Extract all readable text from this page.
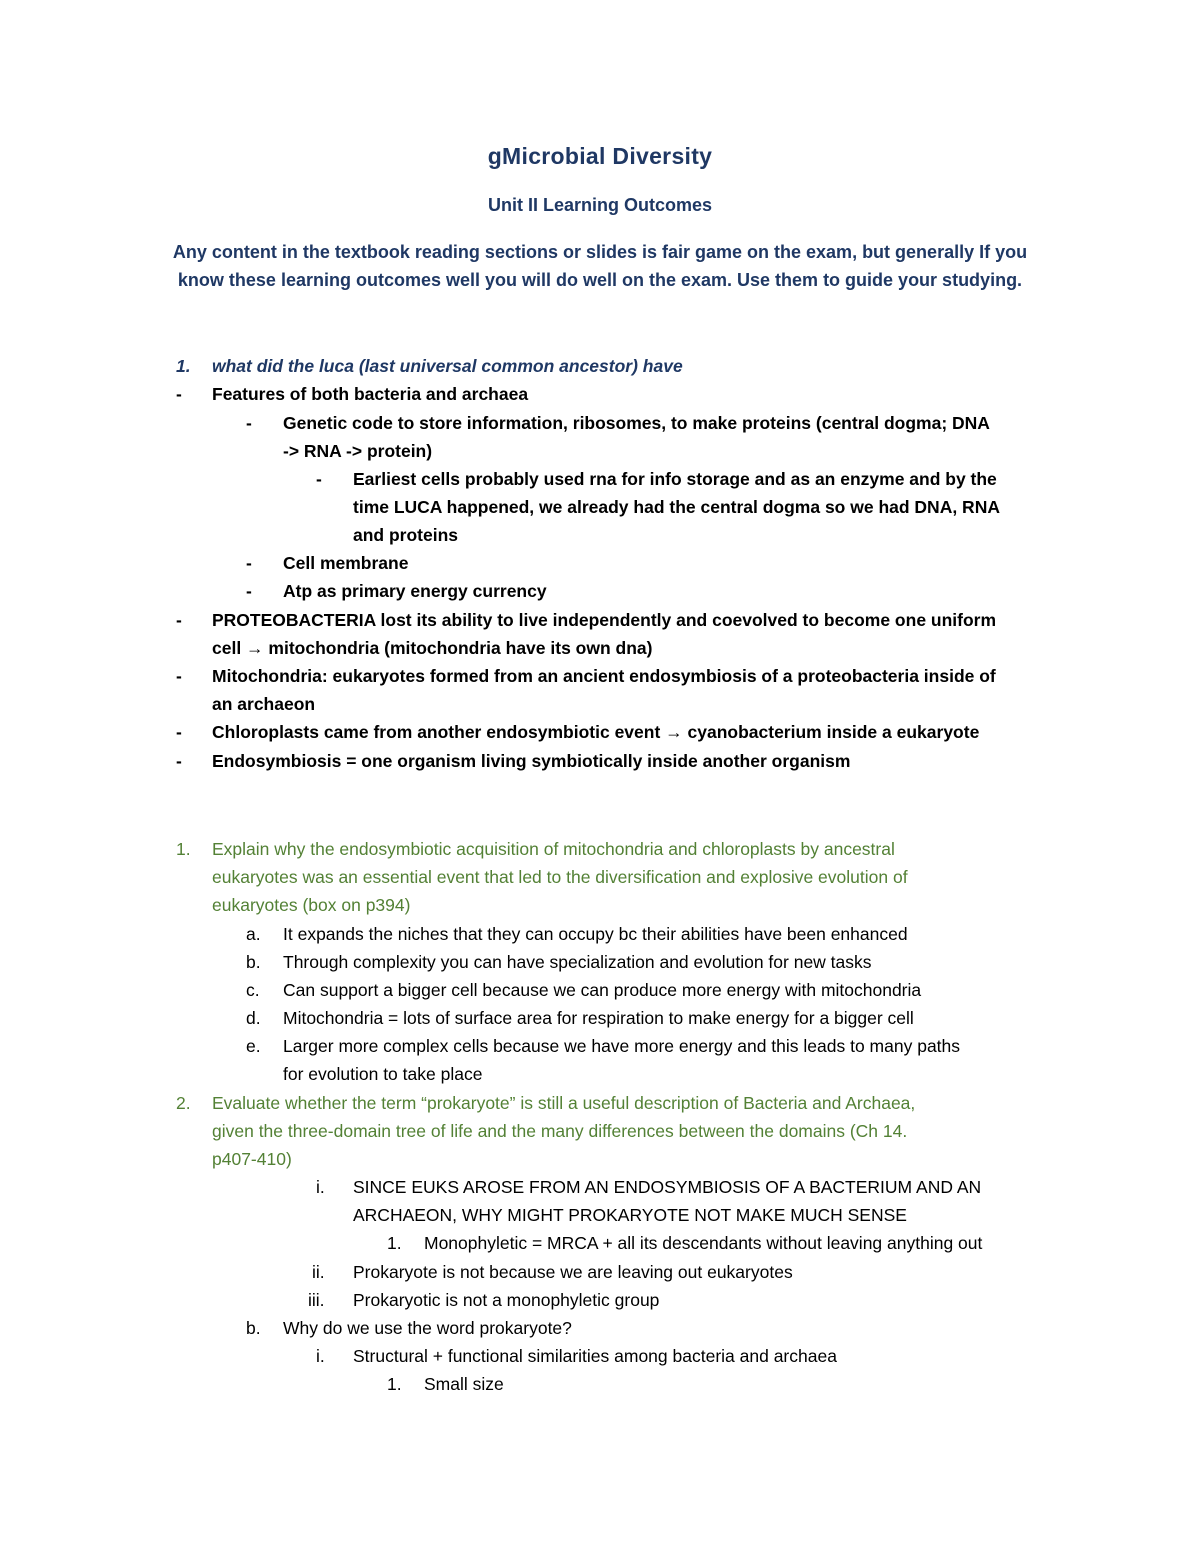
gMicrobial Diversity
Unit II Learning Outcomes
Any content in the textbook reading sections or slides is fair game on the exam, but generally If you
know these learning outcomes well you will do well on the exam. Use them to guide your studying.
1. what did the luca (last universal common ancestor) have
- Features of both bacteria and archaea
- Genetic code to store information, ribosomes, to make proteins (central dogma; DNA
-> RNA -> protein)
- Earliest cells probably used rna for info storage and as an enzyme and by the
time LUCA happened, we already had the central dogma so we had DNA, RNA
and proteins
- Cell membrane
- Atp as primary energy currency
- PROTEOBACTERIA lost its ability to live independently and coevolved to become one uniform
cell → mitochondria (mitochondria have its own dna)
- Mitochondria: eukaryotes formed from an ancient endosymbiosis of a proteobacteria inside of
an archaeon
- Chloroplasts came from another endosymbiotic event → cyanobacterium inside a eukaryote
- Endosymbiosis = one organism living symbiotically inside another organism
1. Explain why the endosymbiotic acquisition of mitochondria and chloroplasts by ancestral
eukaryotes was an essential event that led to the diversification and explosive evolution of
eukaryotes (box on p394)
a. It expands the niches that they can occupy bc their abilities have been enhanced
b. Through complexity you can have specialization and evolution for new tasks
c. Can support a bigger cell because we can produce more energy with mitochondria
d. Mitochondria = lots of surface area for respiration to make energy for a bigger cell
e. Larger more complex cells because we have more energy and this leads to many paths
for evolution to take place
2. Evaluate whether the term “prokaryote” is still a useful description of Bacteria and Archaea,
given the three-domain tree of life and the many differences between the domains (Ch 14.
p407-410)
i. SINCE EUKS AROSE FROM AN ENDOSYMBIOSIS OF A BACTERIUM AND AN
ARCHAEON, WHY MIGHT PROKARYOTE NOT MAKE MUCH SENSE
1. Monophyletic = MRCA + all its descendants without leaving anything out
ii. Prokaryote is not because we are leaving out eukaryotes
iii. Prokaryotic is not a monophyletic group
b. Why do we use the word prokaryote?
i. Structural + functional similarities among bacteria and archaea
1. Small size
